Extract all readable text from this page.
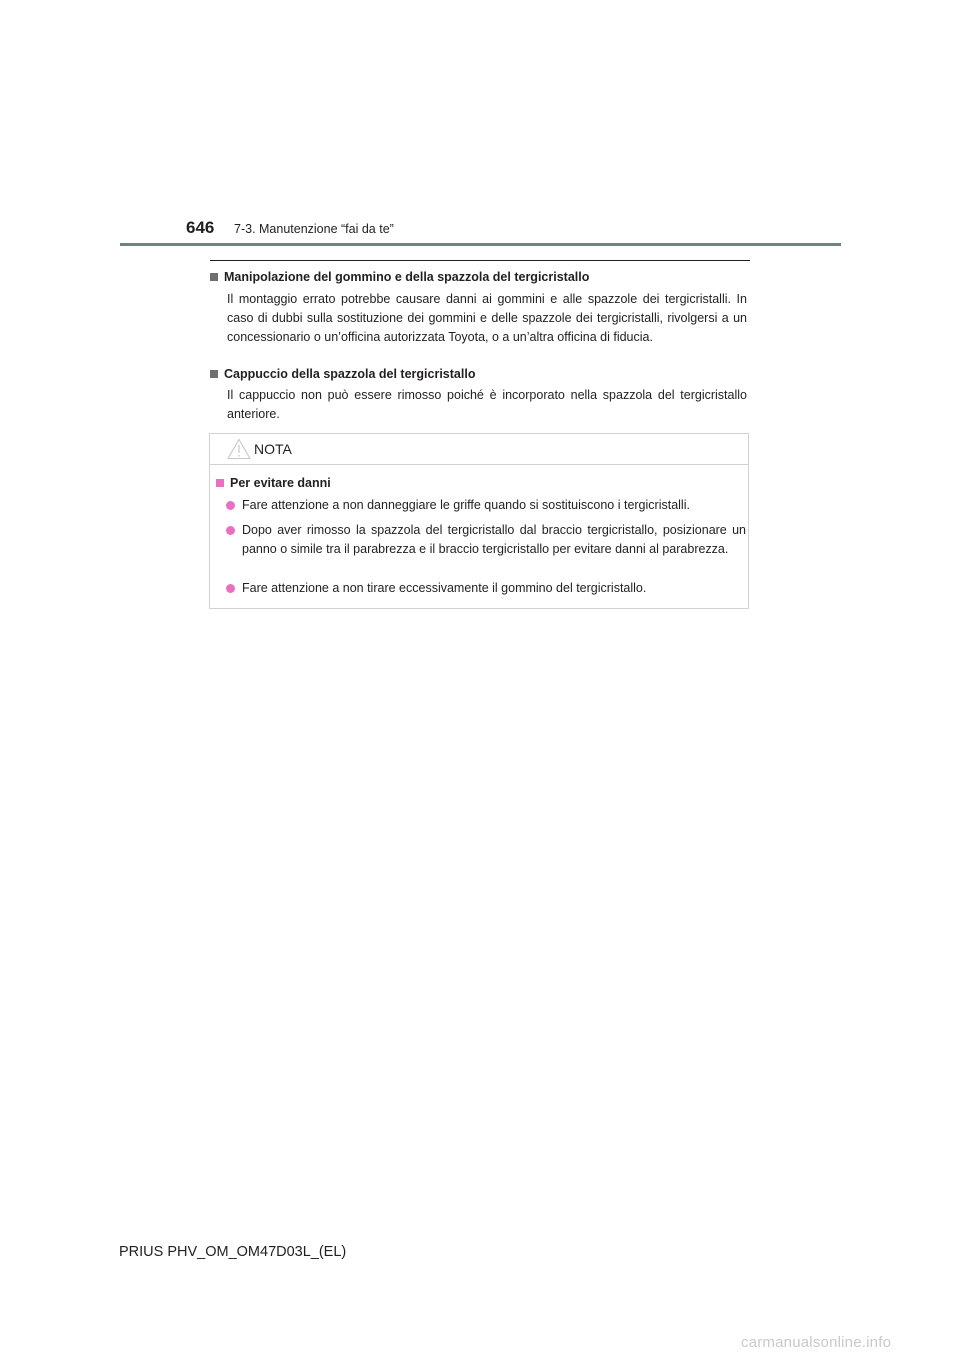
646 7-3. Manutenzione “fai da te”
Manipolazione del gommino e della spazzola del tergicristallo
Il montaggio errato potrebbe causare danni ai gommini e alle spazzole dei tergicristalli. In caso di dubbi sulla sostituzione dei gommini e delle spazzole dei tergicristalli, rivolgersi a un concessionario o un’officina autorizzata Toyota, o a un’altra officina di fiducia.
Cappuccio della spazzola del tergicristallo
Il cappuccio non può essere rimosso poiché è incorporato nella spazzola del tergicristallo anteriore.
NOTA
Per evitare danni
Fare attenzione a non danneggiare le griffe quando si sostituiscono i tergicristalli.
Dopo aver rimosso la spazzola del tergicristallo dal braccio tergicristallo, posizionare un panno o simile tra il parabrezza e il braccio tergicristallo per evitare danni al parabrezza.
Fare attenzione a non tirare eccessivamente il gommino del tergicristallo.
PRIUS PHV_OM_OM47D03L_(EL)
carmanualsonline.info
